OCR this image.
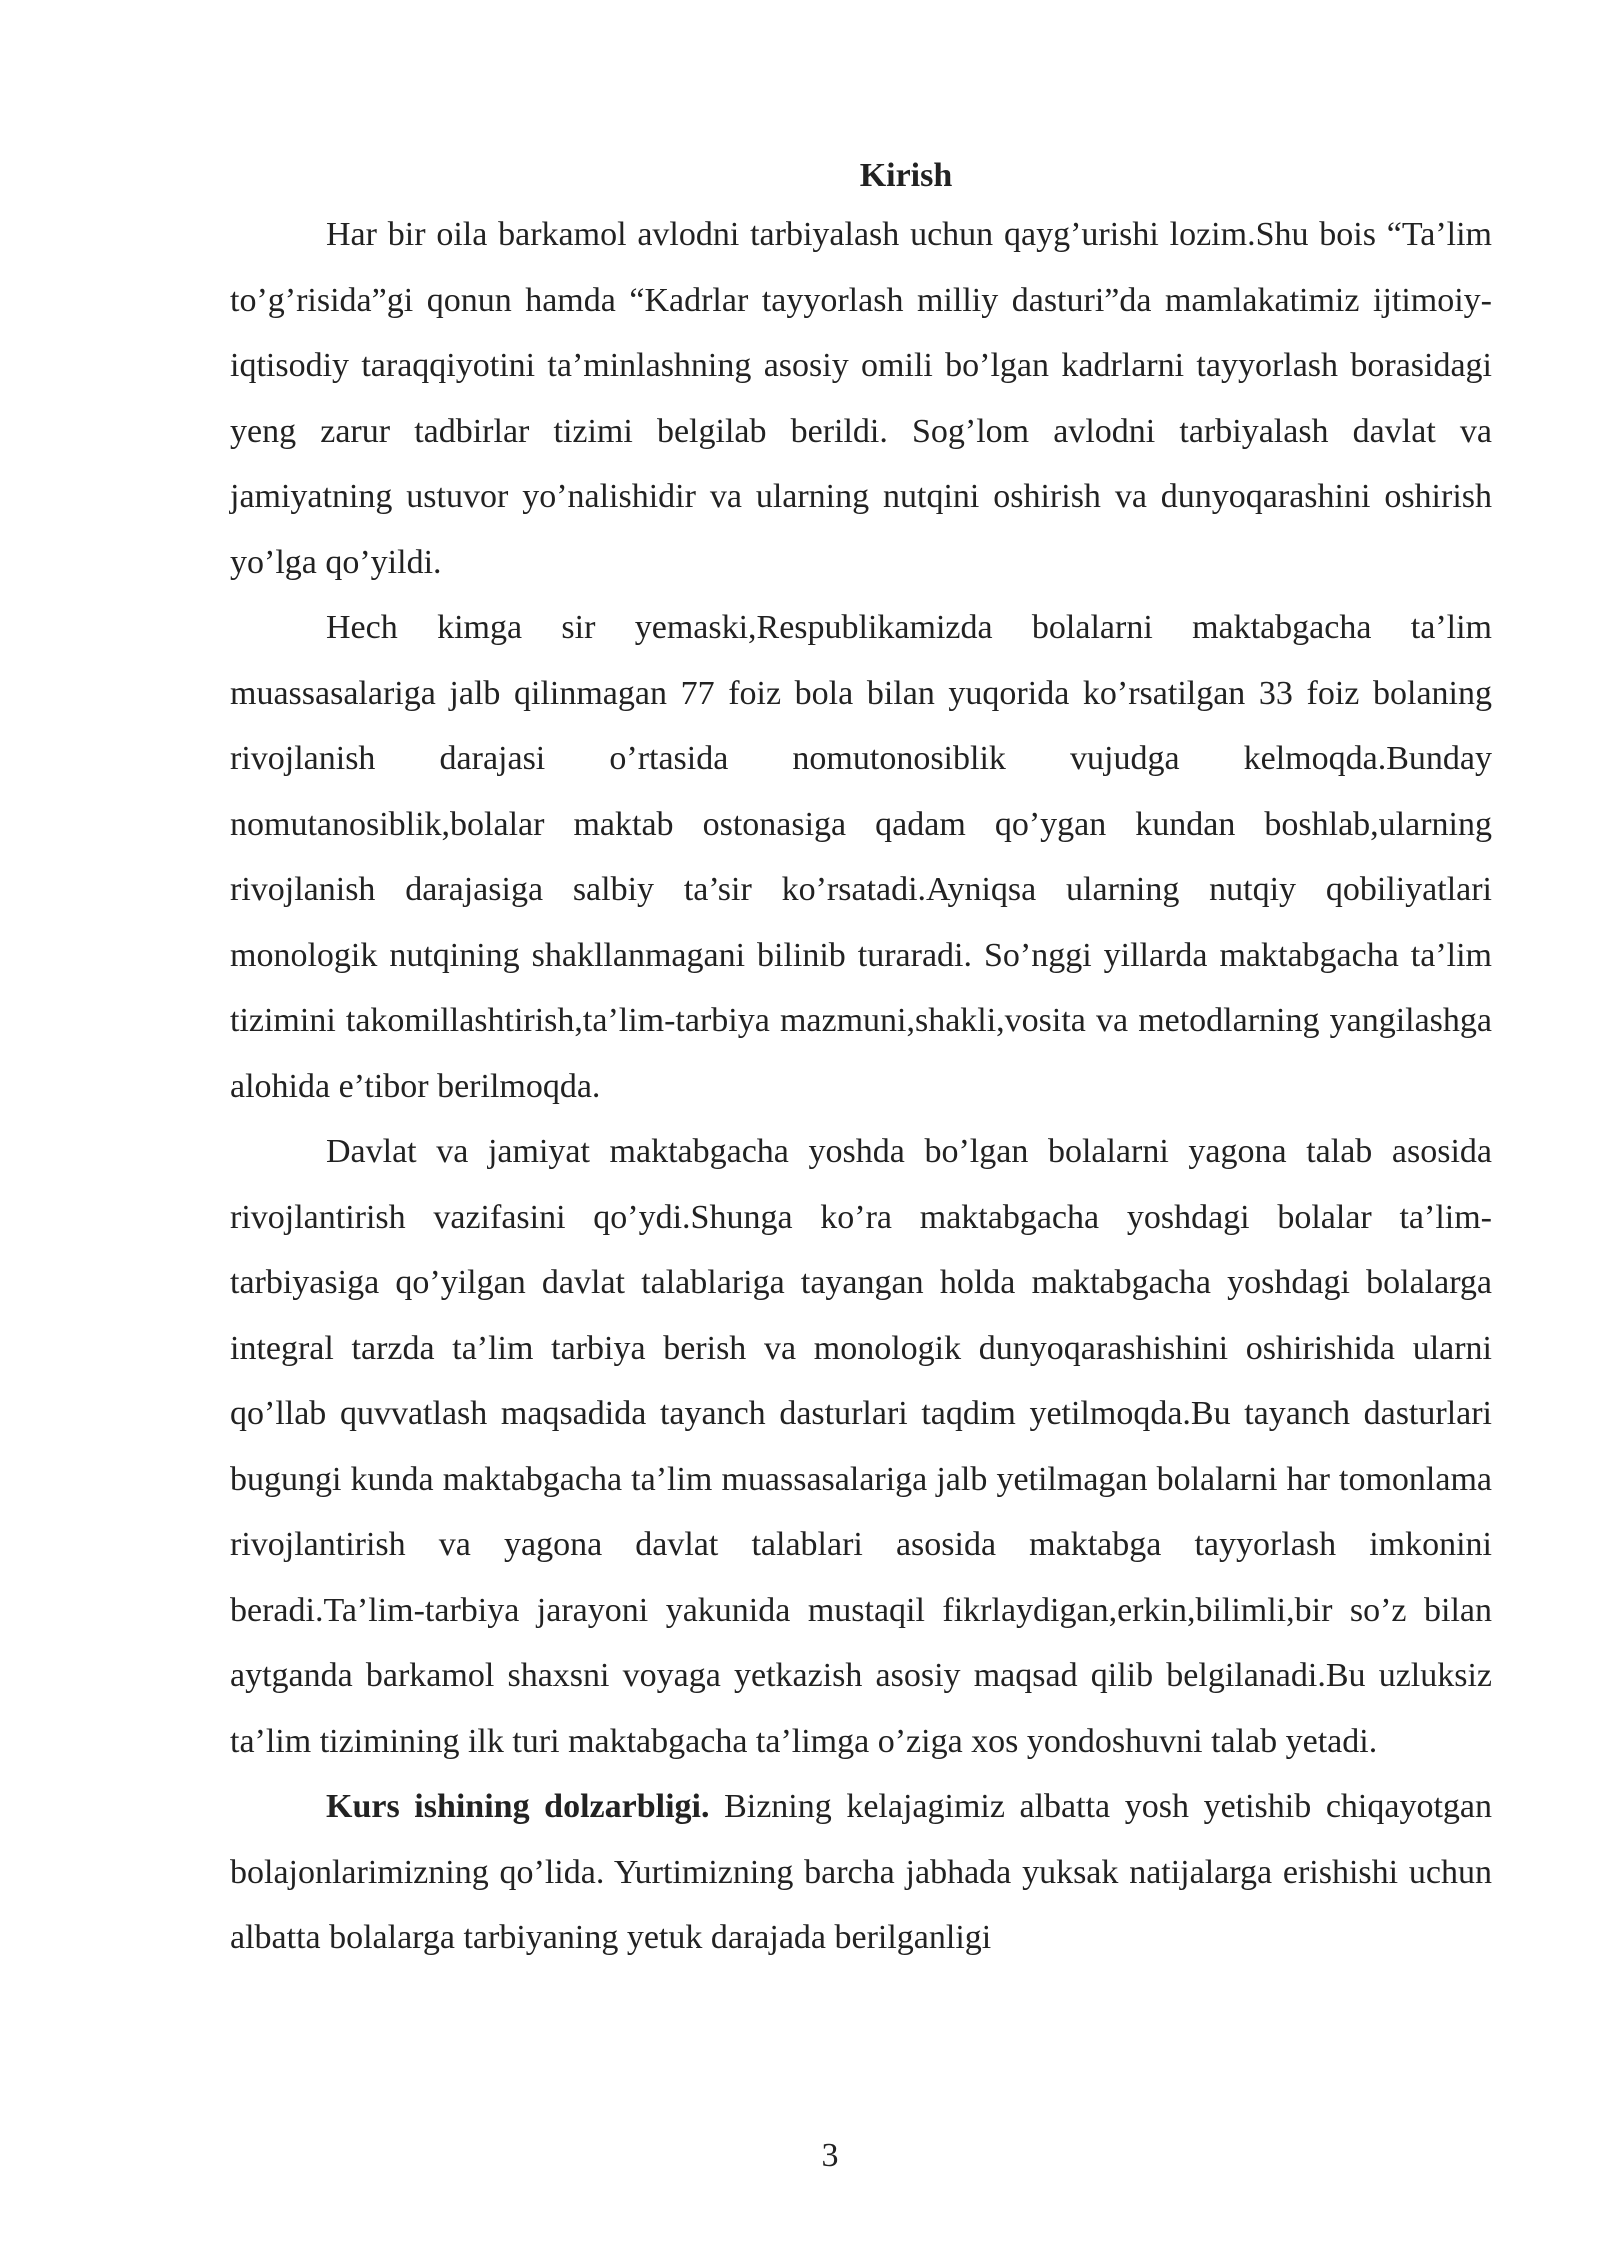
Kirish

Har bir oila barkamol avlodni tarbiyalash uchun qayg’urishi lozim.Shu bois “Ta’lim to’g’risida”gi qonun hamda “Kadrlar tayyorlash milliy dasturi”da mamlakatimiz ijtimoiy- iqtisodiy taraqqiyotini ta’minlashning asosiy omili bo’lgan kadrlarni tayyorlash borasidagi yeng zarur tadbirlar tizimi belgilab berildi. Sog’lom avlodni tarbiyalash davlat va jamiyatning ustuvor yo’nalishidir va ularning nutqini oshirish va dunyoqarashini oshirish yo’lga qo’yildi.

Hech kimga sir yemaski,Respublikamizda bolalarni maktabgacha ta’lim muassasalariga jalb qilinmagan 77 foiz bola bilan yuqorida ko’rsatilgan 33 foiz bolaning rivojlanish darajasi o’rtasida nomutonosiblik vujudga kelmoqda.Bunday nomutanosiblik,bolalar maktab ostonasiga qadam qo’ygan kundan boshlab,ularning rivojlanish darajasiga salbiy ta’sir ko’rsatadi.Ayniqsa ularning nutqiy qobiliyatlari monologik nutqining shakllanmagani bilinib turaradi. So’nggi yillarda maktabgacha ta’lim tizimini takomillashtirish,ta’lim-tarbiya mazmuni,shakli,vosita va metodlarning yangilashga alohida e’tibor berilmoqda.

Davlat va jamiyat maktabgacha yoshda bo’lgan bolalarni yagona talab asosida rivojlantirish vazifasini qo’ydi.Shunga ko’ra maktabgacha yoshdagi bolalar ta’lim-tarbiyasiga qo’yilgan davlat talablariga tayangan holda maktabgacha yoshdagi bolalarga integral tarzda ta’lim tarbiya berish va monologik dunyoqarashishini oshirishida ularni qo’llab quvvatlash maqsadida tayanch dasturlari taqdim yetilmoqda.Bu tayanch dasturlari bugungi kunda maktabgacha ta’lim muassasalariga jalb yetilmagan bolalarni har tomonlama rivojlantirish va yagona davlat talablari asosida maktabga tayyorlash imkonini beradi.Ta’lim-tarbiya jarayoni yakunida mustaqil fikrlaydigan,erkin,bilimli,bir so’z bilan aytganda barkamol shaxsni voyaga yetkazish asosiy maqsad qilib belgilanadi.Bu uzluksiz ta’lim tizimining ilk turi maktabgacha ta’limga o’ziga xos yondoshuvni talab yetadi.

Kurs ishining dolzarbligi. Bizning kelajagimiz albatta yosh yetishib chiqayotgan bolajonlarimizning qo’lida. Yurtimizning barcha jabhada yuksak natijalarga erishishi uchun albatta bolalarga tarbiyaning yetuk darajada berilganligi

3
